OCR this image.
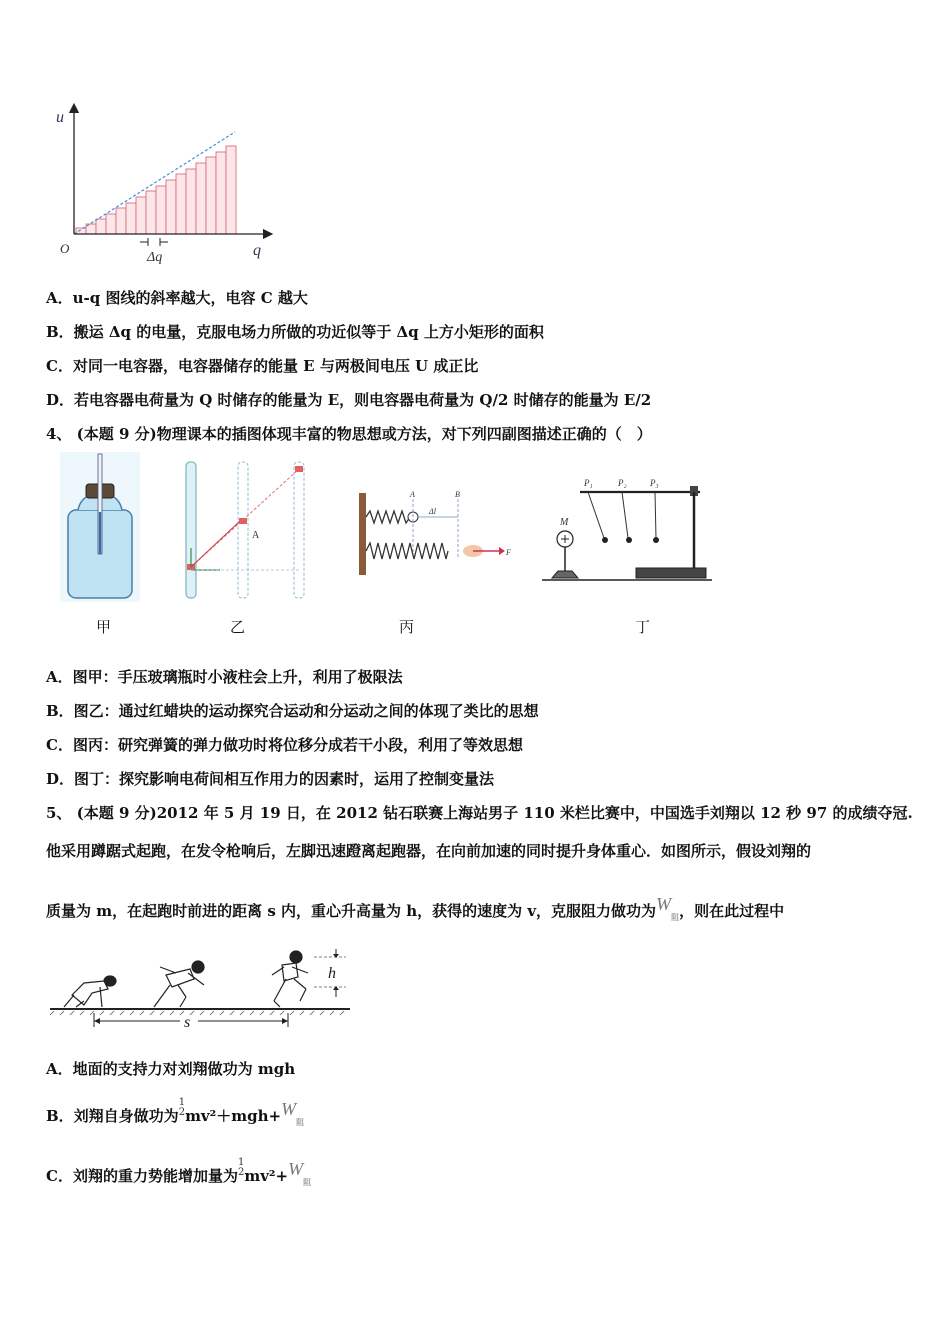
u
q
O
Δq
A．u-q 图线的斜率越大，电容 C 越大
B．搬运 Δq 的电量，克服电场力所做的功近似等于 Δq 上方小矩形的面积
C．对同一电容器，电容器储存的能量 E 与两极间电压 U 成正比
D．若电容器电荷量为 Q 时储存的能量为 E，则电容器电荷量为 Q/2 时储存的能量为 E/2
4、 (本题 9 分)物理课本的插图体现丰富的物思想或方法，对下列四副图描述正确的（　）
A
A	B
Δl
F
P₁	P₂	P₃
M
甲	乙	丙	丁
A．图甲：手压玻璃瓶时小液柱会上升，利用了极限法
B．图乙：通过红蜡块的运动探究合运动和分运动之间的体现了类比的思想
C．图丙：研究弹簧的弹力做功时将位移分成若干小段，利用了等效思想
D．图丁：探究影响电荷间相互作用力的因素时，运用了控制变量法
5、 (本题 9 分)2012 年 5 月 19 日，在 2012 钻石联赛上海站男子 110 米栏比赛中，中国选手刘翔以 12 秒 97 的成绩夺冠.
他采用蹲踞式起跑，在发令枪响后，左脚迅速蹬离起跑器，在向前加速的同时提升身体重心．如图所示，假设刘翔的
质量为 m，在起跑时前进的距离 s 内，重心升高量为 h，获得的速度为 v，克服阻力做功为$W_阻$，则在此过程中
h
s
A．地面的支持力对刘翔做功为 mgh
B．刘翔自身做功为1
$2mv^2+mgh+W_阻$
C．刘翔的重力势能增加量为1
$2mv^2+W_阻$
